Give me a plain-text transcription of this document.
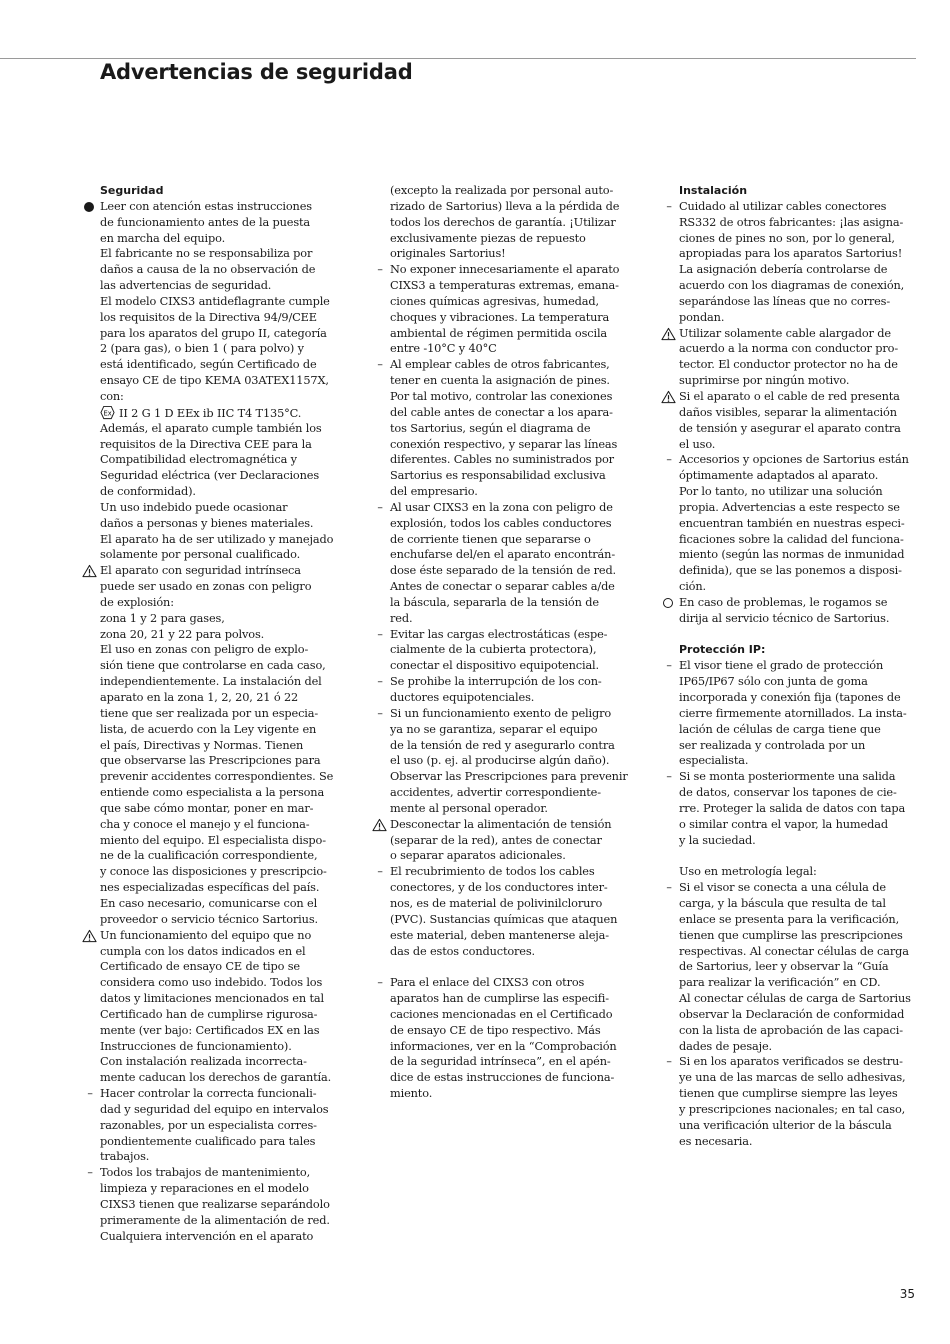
Advertencias de seguridad
Seguridad
Leer con atención estas instrucciones
de funcionamiento antes de la puesta
en marcha del equipo.
El fabricante no se responsabiliza por
daños a causa de la no observación de
las advertencias de seguridad.
El modelo CIXS3 antideflagrante cumple
los requisitos de la Directiva 94/9/CEE
para los aparatos del grupo II, categoría
2 (para gas), o bien 1 ( para polvo) y
está identificado, según Certificado de
ensayo CE de tipo KEMA 03ATEX1157X,
con:
Ex II 2 G 1 D EEx ib IIC T4 T135°C.
Además, el aparato cumple también los
requisitos de la Directiva CEE para la
Compatibilidad electromagnética y
Seguridad eléctrica (ver Declaraciones
de conformidad).
Un uso indebido puede ocasionar
daños a personas y bienes materiales.
El aparato ha de ser utilizado y manejado
solamente por personal cualificado.
El aparato con seguridad intrínseca
puede ser usado en zonas con peligro
de explosión:
zona 1 y 2 para gases,
zona 20, 21 y 22 para polvos.
El uso en zonas con peligro de explo-
sión tiene que controlarse en cada caso,
independientemente. La instalación del
aparato en la zona 1, 2, 20, 21 ó 22
tiene que ser realizada por un especia-
lista, de acuerdo con la Ley vigente en
el país, Directivas y Normas. Tienen
que observarse las Prescripciones para
prevenir accidentes correspondientes. Se
entiende como especialista a la persona
que sabe cómo montar, poner en mar-
cha y conoce el manejo y el funciona-
miento del equipo. El especialista dispo-
ne de la cualificación correspondiente,
y conoce las disposiciones y prescripcio-
nes especializadas específicas del país.
En caso necesario, comunicarse con el
proveedor o servicio técnico Sartorius.
Un funcionamiento del equipo que no
cumpla con los datos indicados en el
Certificado de ensayo CE de tipo se
considera como uso indebido. Todos los
datos y limitaciones mencionados en tal
Certificado han de cumplirse rigurosa-
mente (ver bajo: Certificados EX en las
Instrucciones de funcionamiento).
Con instalación realizada incorrecta-
mente caducan los derechos de garantía.
– Hacer controlar la correcta funcionali-
dad y seguridad del equipo en intervalos
razonables, por un especialista corres-
pondientemente cualificado para tales
trabajos.
– Todos los trabajos de mantenimiento,
limpieza y reparaciones en el modelo
CIXS3 tienen que realizarse separándolo
primeramente de la alimentación de red.
Cualquiera intervención en el aparato
(excepto la realizada por personal auto-
rizado de Sartorius) lleva a la pérdida de
todos los derechos de garantía. ¡Utilizar
exclusivamente piezas de repuesto
originales Sartorius!
– No exponer innecesariamente el aparato
CIXS3 a temperaturas extremas, emana-
ciones químicas agresivas, humedad,
choques y vibraciones. La temperatura
ambiental de régimen permitida oscila
entre -10°C y 40°C
– Al emplear cables de otros fabricantes,
tener en cuenta la asignación de pines.
Por tal motivo, controlar las conexiones
del cable antes de conectar a los apara-
tos Sartorius, según el diagrama de
conexión respectivo, y separar las líneas
diferentes. Cables no suministrados por
Sartorius es responsabilidad exclusiva
del empresario.
– Al usar CIXS3 en la zona con peligro de
explosión, todos los cables conductores
de corriente tienen que separarse o
enchufarse del/en el aparato encontrán-
dose éste separado de la tensión de red.
Antes de conectar o separar cables a/de
la báscula, separarla de la tensión de
red.
– Evitar las cargas electrostáticas (espe-
cialmente de la cubierta protectora),
conectar el dispositivo equipotencial.
– Se prohibe la interrupción de los con-
ductores equipotenciales.
– Si un funcionamiento exento de peligro
ya no se garantiza, separar el equipo
de la tensión de red y asegurarlo contra
el uso (p. ej. al producirse algún daño).
Observar las Prescripciones para prevenir
accidentes, advertir correspondiente-
mente al personal operador.
Desconectar la alimentación de tensión
(separar de la red), antes de conectar
o separar aparatos adicionales.
– El recubrimiento de todos los cables
conectores, y de los conductores inter-
nos, es de material de polivinilcloruro
(PVC). Sustancias químicas que ataquen
este material, deben mantenerse aleja-
das de estos conductores.
– Para el enlace del CIXS3 con otros
aparatos han de cumplirse las especifi-
caciones mencionadas en el Certificado
de ensayo CE de tipo respectivo. Más
informaciones, ver en la “Comprobación
de la seguridad intrínseca”, en el apén-
dice de estas instrucciones de funciona-
miento.
Instalación
– Cuidado al utilizar cables conectores
RS332 de otros fabricantes: ¡las asigna-
ciones de pines no son, por lo general,
apropiadas para los aparatos Sartorius!
La asignación debería controlarse de
acuerdo con los diagramas de conexión,
separándose las líneas que no corres-
pondan.
Utilizar solamente cable alargador de
acuerdo a la norma con conductor pro-
tector. El conductor protector no ha de
suprimirse por ningún motivo.
Si el aparato o el cable de red presenta
daños visibles, separar la alimentación
de tensión y asegurar el aparato contra
el uso.
– Accesorios y opciones de Sartorius están
óptimamente adaptados al aparato.
Por lo tanto, no utilizar una solución
propia. Advertencias a este respecto se
encuentran también en nuestras especi-
ficaciones sobre la calidad del funciona-
miento (según las normas de inmunidad
definida), que se las ponemos a disposi-
ción.
En caso de problemas, le rogamos se
dirija al servicio técnico de Sartorius.
Protección IP:
– El visor tiene el grado de protección
IP65/IP67 sólo con junta de goma
incorporada y conexión fija (tapones de
cierre firmemente atornillados. La insta-
lación de células de carga tiene que
ser realizada y controlada por un
especialista.
– Si se monta posteriormente una salida
de datos, conservar los tapones de cie-
rre. Proteger la salida de datos con tapa
o similar contra el vapor, la humedad
y la suciedad.
Uso en metrología legal:
– Si el visor se conecta a una célula de
carga, y la báscula que resulta de tal
enlace se presenta para la verificación,
tienen que cumplirse las prescripciones
respectivas. Al conectar células de carga
de Sartorius, leer y observar la “Guía
para realizar la verificación” en CD.
Al conectar células de carga de Sartorius
observar la Declaración de conformidad
con la lista de aprobación de las capaci-
dades de pesaje.
– Si en los aparatos verificados se destru-
ye una de las marcas de sello adhesivas,
tienen que cumplirse siempre las leyes
y prescripciones nacionales; en tal caso,
una verificación ulterior de la báscula
es necesaria.
35
